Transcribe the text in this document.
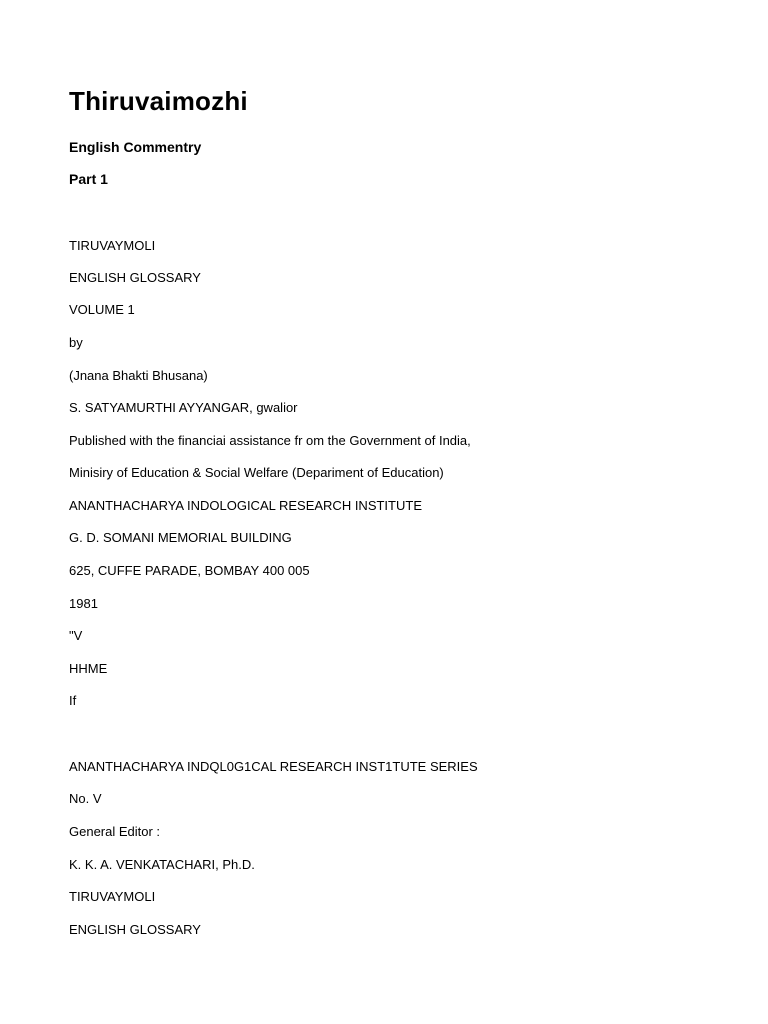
Thiruvaimozhi
English Commentry
Part 1
TIRUVAYMOLI
ENGLISH GLOSSARY
VOLUME 1
by
(Jnana Bhakti Bhusana)
S. SATYAMURTHI AYYANGAR, gwalior
Published with the financiai assistance fr om the Government of India,
Minisiry of Education & Social Welfare (Depariment of Education)
ANANTHACHARYA INDOLOGICAL RESEARCH INSTITUTE
G. D. SOMANI MEMORIAL BUILDING
625, CUFFE PARADE, BOMBAY 400 005
1981
"V
HHME
If
ANANTHACHARYA INDQL0G1CAL RESEARCH INST1TUTE SERIES
No. V
General Editor :
K. K. A. VENKATACHARI, Ph.D.
TIRUVAYMOLI
ENGLISH GLOSSARY
